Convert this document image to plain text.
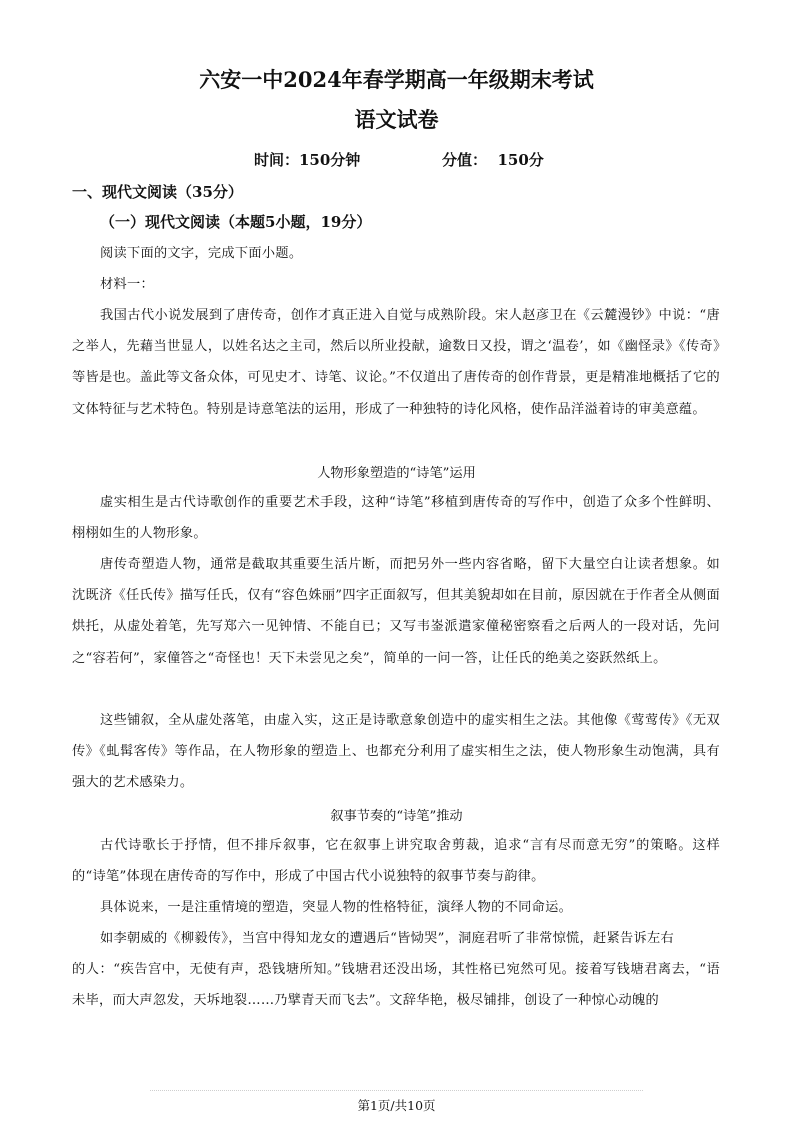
六安一中2024年春学期高一年级期末考试
语文试卷
时间：150分钟	分值：  150分
一、现代文阅读（35分）
（一）现代文阅读（本题5小题，19分）
阅读下面的文字，完成下面小题。
材料一：
我国古代小说发展到了唐传奇，创作才真正进入自觉与成熟阶段。宋人赵彦卫在《云麓漫钞》中说：“唐之举人，先藉当世显人，以姓名达之主司，然后以所业投献，逾数日又投，谓之‘温卷’，如《幽怪录》《传奇》等皆是也。盖此等文备众体，可见史才、诗笔、议论。”不仅道出了唐传奇的创作背景，更是精准地概括了它的文体特征与艺术特色。特别是诗意笔法的运用，形成了一种独特的诗化风格，使作品洋溢着诗的审美意蕴。
人物形象塑造的“诗笔”运用
虚实相生是古代诗歌创作的重要艺术手段，这种“诗笔”移植到唐传奇的写作中，创造了众多个性鲜明、栩栩如生的人物形象。
唐传奇塑造人物，通常是截取其重要生活片断，而把另外一些内容省略，留下大量空白让读者想象。如沈既济《任氏传》描写任氏，仅有“容色姝丽”四字正面叙写，但其美貌却如在目前，原因就在于作者全从侧面烘托，从虚处着笔，先写郑六一见钟情、不能自已；又写韦崟派遣家僮秘密察看之后两人的一段对话，先问之“容若何”，家僮答之“奇怪也！天下未尝见之矣”，简单的一问一答，让任氏的绝美之姿跃然纸上。
这些铺叙，全从虚处落笔，由虚入实，这正是诗歌意象创造中的虚实相生之法。其他像《莺莺传》《无双传》《虬髯客传》等作品，在人物形象的塑造上、也都充分利用了虚实相生之法，使人物形象生动饱满，具有强大的艺术感染力。
叙事节奏的“诗笔”推动
古代诗歌长于抒情，但不排斥叙事，它在叙事上讲究取舍剪裁，追求“言有尽而意无穷”的策略。这样的“诗笔”体现在唐传奇的写作中，形成了中国古代小说独特的叙事节奏与韵律。
具体说来，一是注重情境的塑造，突显人物的性格特征，演绎人物的不同命运。
如李朝威的《柳毅传》，当宫中得知龙女的遭遇后“皆恸哭”，洞庭君听了非常惊慌，赶紧告诉左右
的人：“疾告宫中，无使有声，恐钱塘所知。”钱塘君还没出场，其性格已宛然可见。接着写钱塘君离去，“语未毕，而大声忽发，天坼地裂……乃擘青天而飞去”。文辞华艳，极尽铺排，创设了一种惊心动魄的
第1页/共10页
